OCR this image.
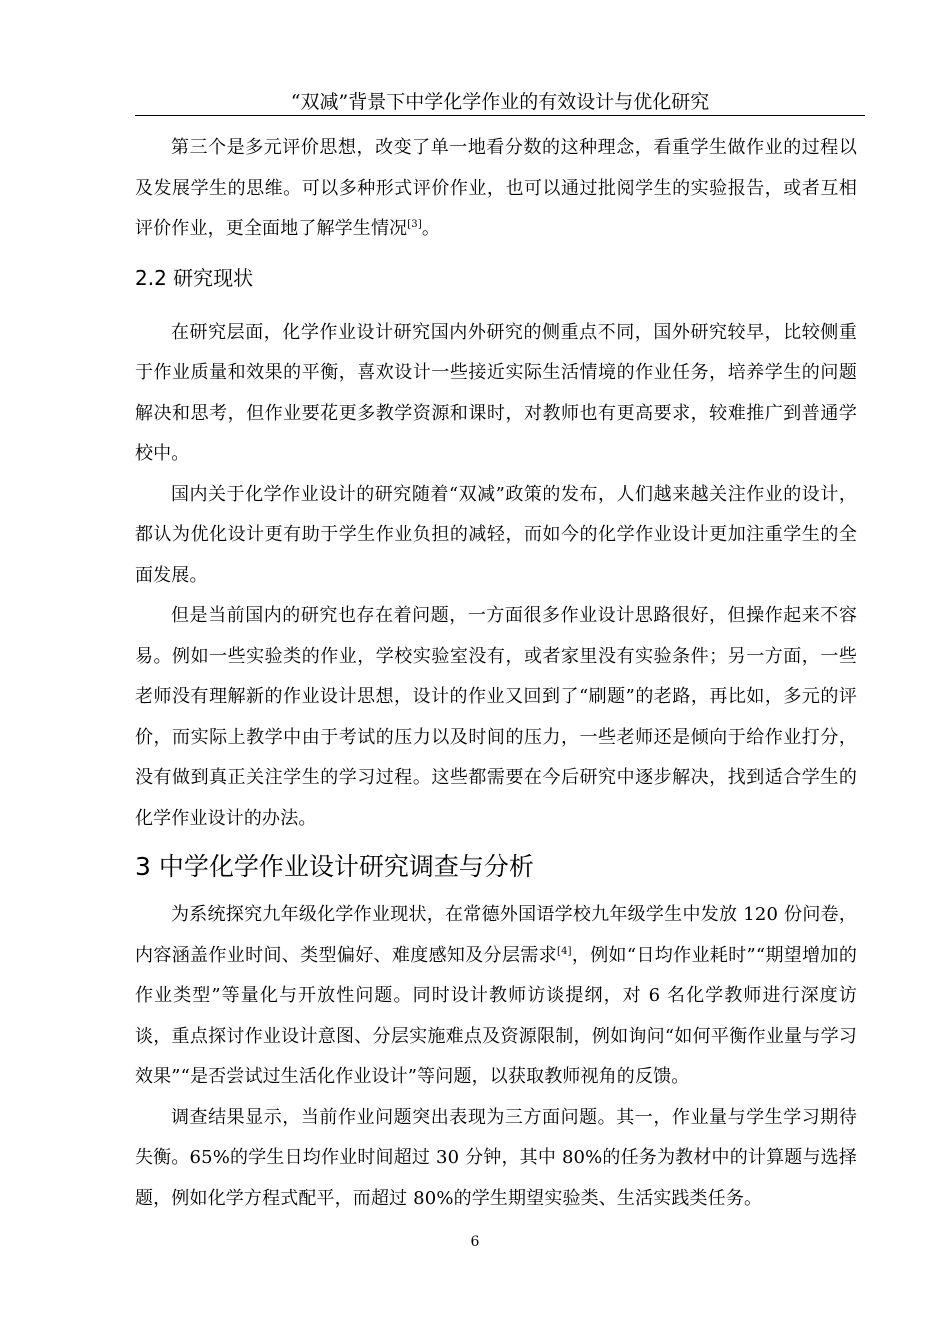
“双减”背景下中学化学作业的有效设计与优化研究

第三个是多元评价思想，改变了单一地看分数的这种理念，看重学生做作业的过程以及发展学生的思维。可以多种形式评价作业，也可以通过批阅学生的实验报告，或者互相评价作业，更全面地了解学生情况[3]。

2.2 研究现状

在研究层面，化学作业设计研究国内外研究的侧重点不同，国外研究较早，比较侧重于作业质量和效果的平衡，喜欢设计一些接近实际生活情境的作业任务，培养学生的问题解决和思考，但作业要花更多教学资源和课时，对教师也有更高要求，较难推广到普通学校中。

国内关于化学作业设计的研究随着“双减”政策的发布，人们越来越关注作业的设计，都认为优化设计更有助于学生作业负担的减轻，而如今的化学作业设计更加注重学生的全面发展。

但是当前国内的研究也存在着问题，一方面很多作业设计思路很好，但操作起来不容易。例如一些实验类的作业，学校实验室没有，或者家里没有实验条件；另一方面，一些老师没有理解新的作业设计思想，设计的作业又回到了“刷题”的老路，再比如，多元的评价，而实际上教学中由于考试的压力以及时间的压力，一些老师还是倾向于给作业打分，没有做到真正关注学生的学习过程。这些都需要在今后研究中逐步解决，找到适合学生的化学作业设计的办法。

3 中学化学作业设计研究调查与分析

为系统探究九年级化学作业现状，在常德外国语学校九年级学生中发放 120 份问卷，内容涵盖作业时间、类型偏好、难度感知及分层需求[4]，例如“日均作业耗时”“期望增加的作业类型”等量化与开放性问题。同时设计教师访谈提纲，对 6 名化学教师进行深度访谈，重点探讨作业设计意图、分层实施难点及资源限制，例如询问“如何平衡作业量与学习效果”“是否尝试过生活化作业设计”等问题，以获取教师视角的反馈。

调查结果显示，当前作业问题突出表现为三方面问题。其一，作业量与学生学习期待失衡。65%的学生日均作业时间超过 30 分钟，其中 80%的任务为教材中的计算题与选择题，例如化学方程式配平，而超过 80%的学生期望实验类、生活实践类任务。

6
